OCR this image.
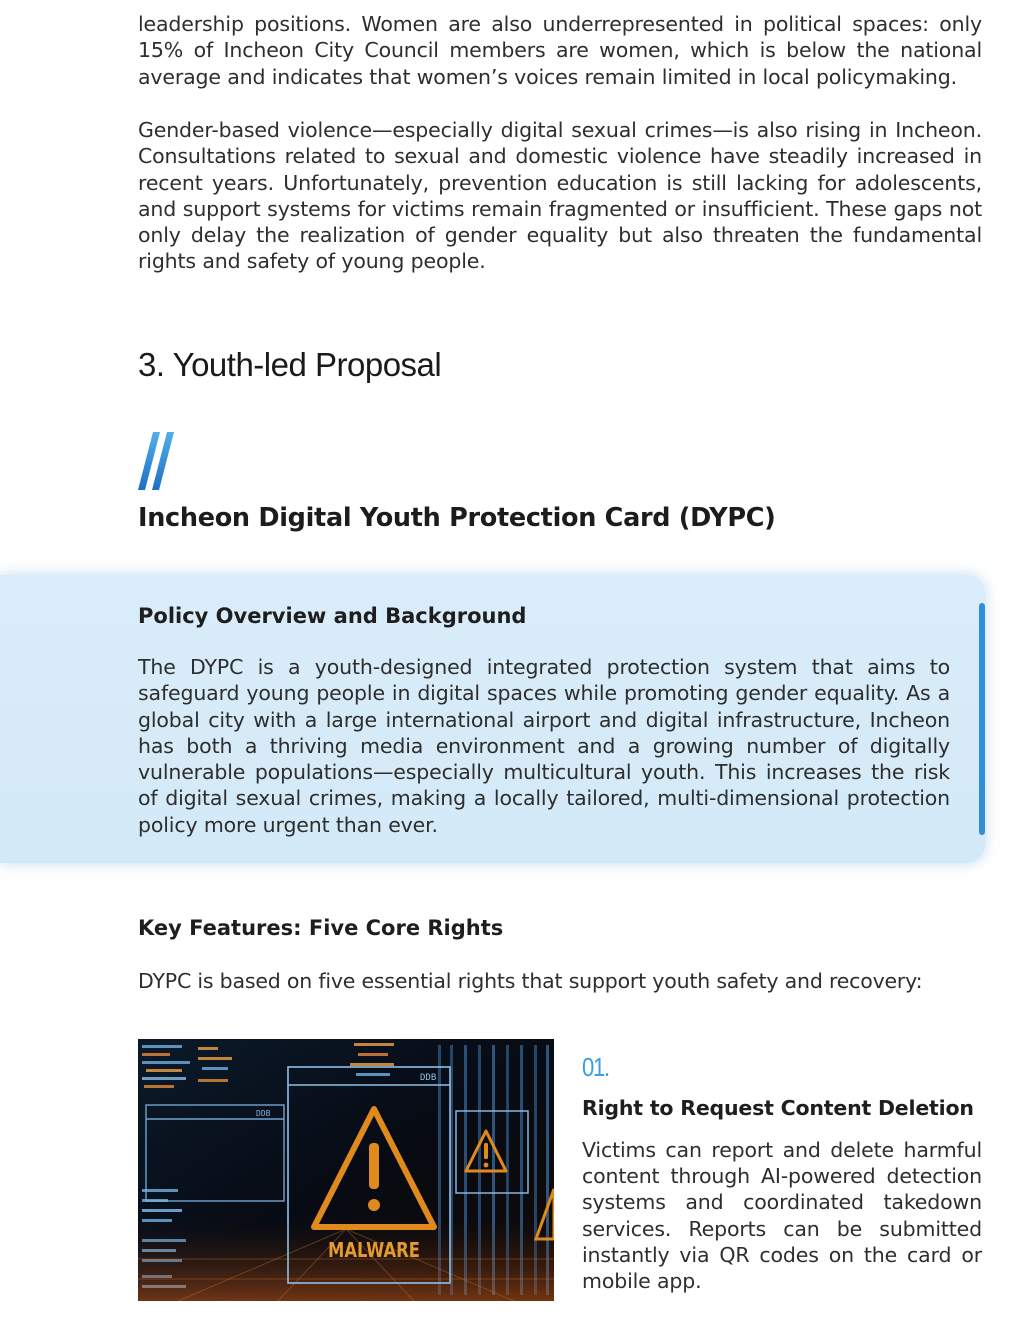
leadership positions. Women are also underrepresented in political spaces: only 15% of Incheon City Council members are women, which is below the national average and indicates that women’s voices remain limited in local policymaking.

Gender-based violence—especially digital sexual crimes—is also rising in Incheon. Consultations related to sexual and domestic violence have steadily increased in recent years. Unfortunately, prevention education is still lacking for adolescents, and support systems for victims remain fragmented or insufficient. These gaps not only delay the realization of gender equality but also threaten the fundamental rights and safety of young people.

3. Youth-led Proposal
Incheon Digital Youth Protection Card (DYPC)
Policy Overview and Background

The DYPC is a youth-designed integrated protection system that aims to safeguard young people in digital spaces while promoting gender equality. As a global city with a large international airport and digital infrastructure, Incheon has both a thriving media environment and a growing number of digitally vulnerable populations—especially multicultural youth. This increases the risk of digital sexual crimes, making a locally tailored, multi-dimensional protection policy more urgent than ever.

Key Features: Five Core Rights

DYPC is based on five essential rights that support youth safety and recovery:

DDB
DDB
MALWARE

01.

Right to Request Content Deletion

Victims can report and delete harmful content through AI-powered detection systems and coordinated takedown services. Reports can be submitted instantly via QR codes on the card or mobile app.
